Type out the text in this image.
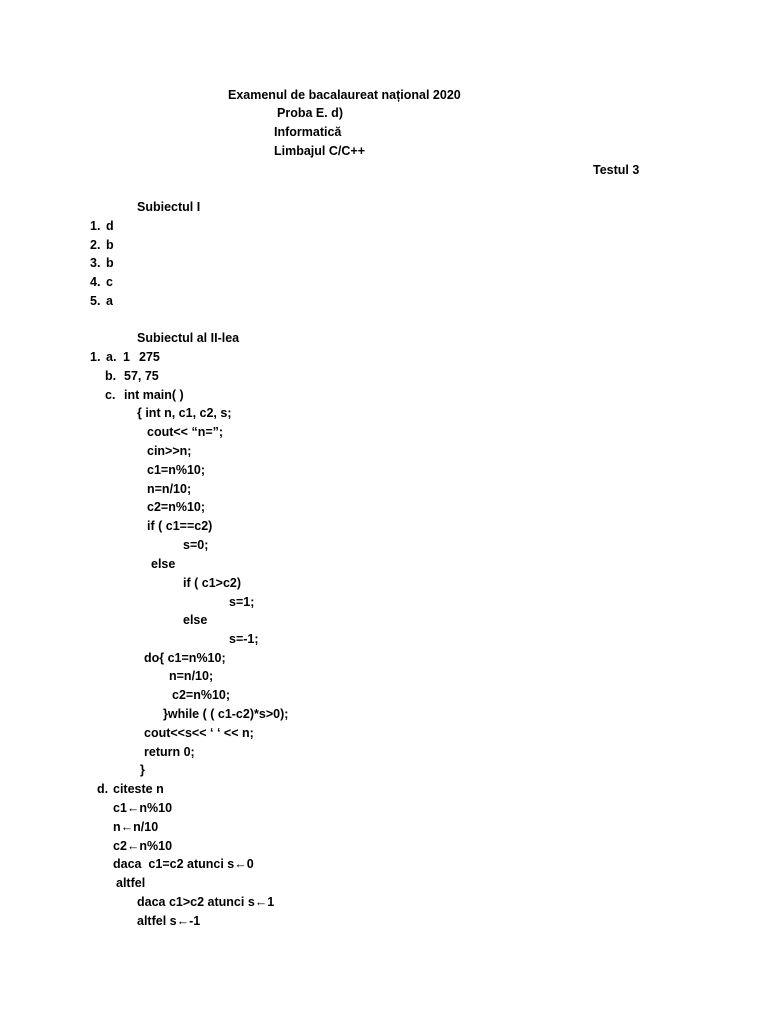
Examenul de bacalaureat național 2020
Proba E. d)
Informatică
Limbajul C/C++
Testul 3
Subiectul I
1. d
2. b
3. b
4. c
5. a
Subiectul al II-lea
1. a. 1 275
b. 57, 75
c. int main( )
{ int n, c1, c2, s;
cout<< “n=”;
cin>>n;
c1=n%10;
n=n/10;
c2=n%10;
if ( c1==c2)
s=0;
else
if ( c1>c2)
s=1;
else
s=-1;
do{ c1=n%10;
n=n/10;
c2=n%10;
}while ( ( c1-c2)*s>0);
cout<<s<< ‘ ‘ << n;
return 0;
}
d. citeste n
c1←n%10
n←n/10
c2←n%10
daca  c1=c2 atunci s←0
altfel
daca c1>c2 atunci s←1
altfel s←-1
